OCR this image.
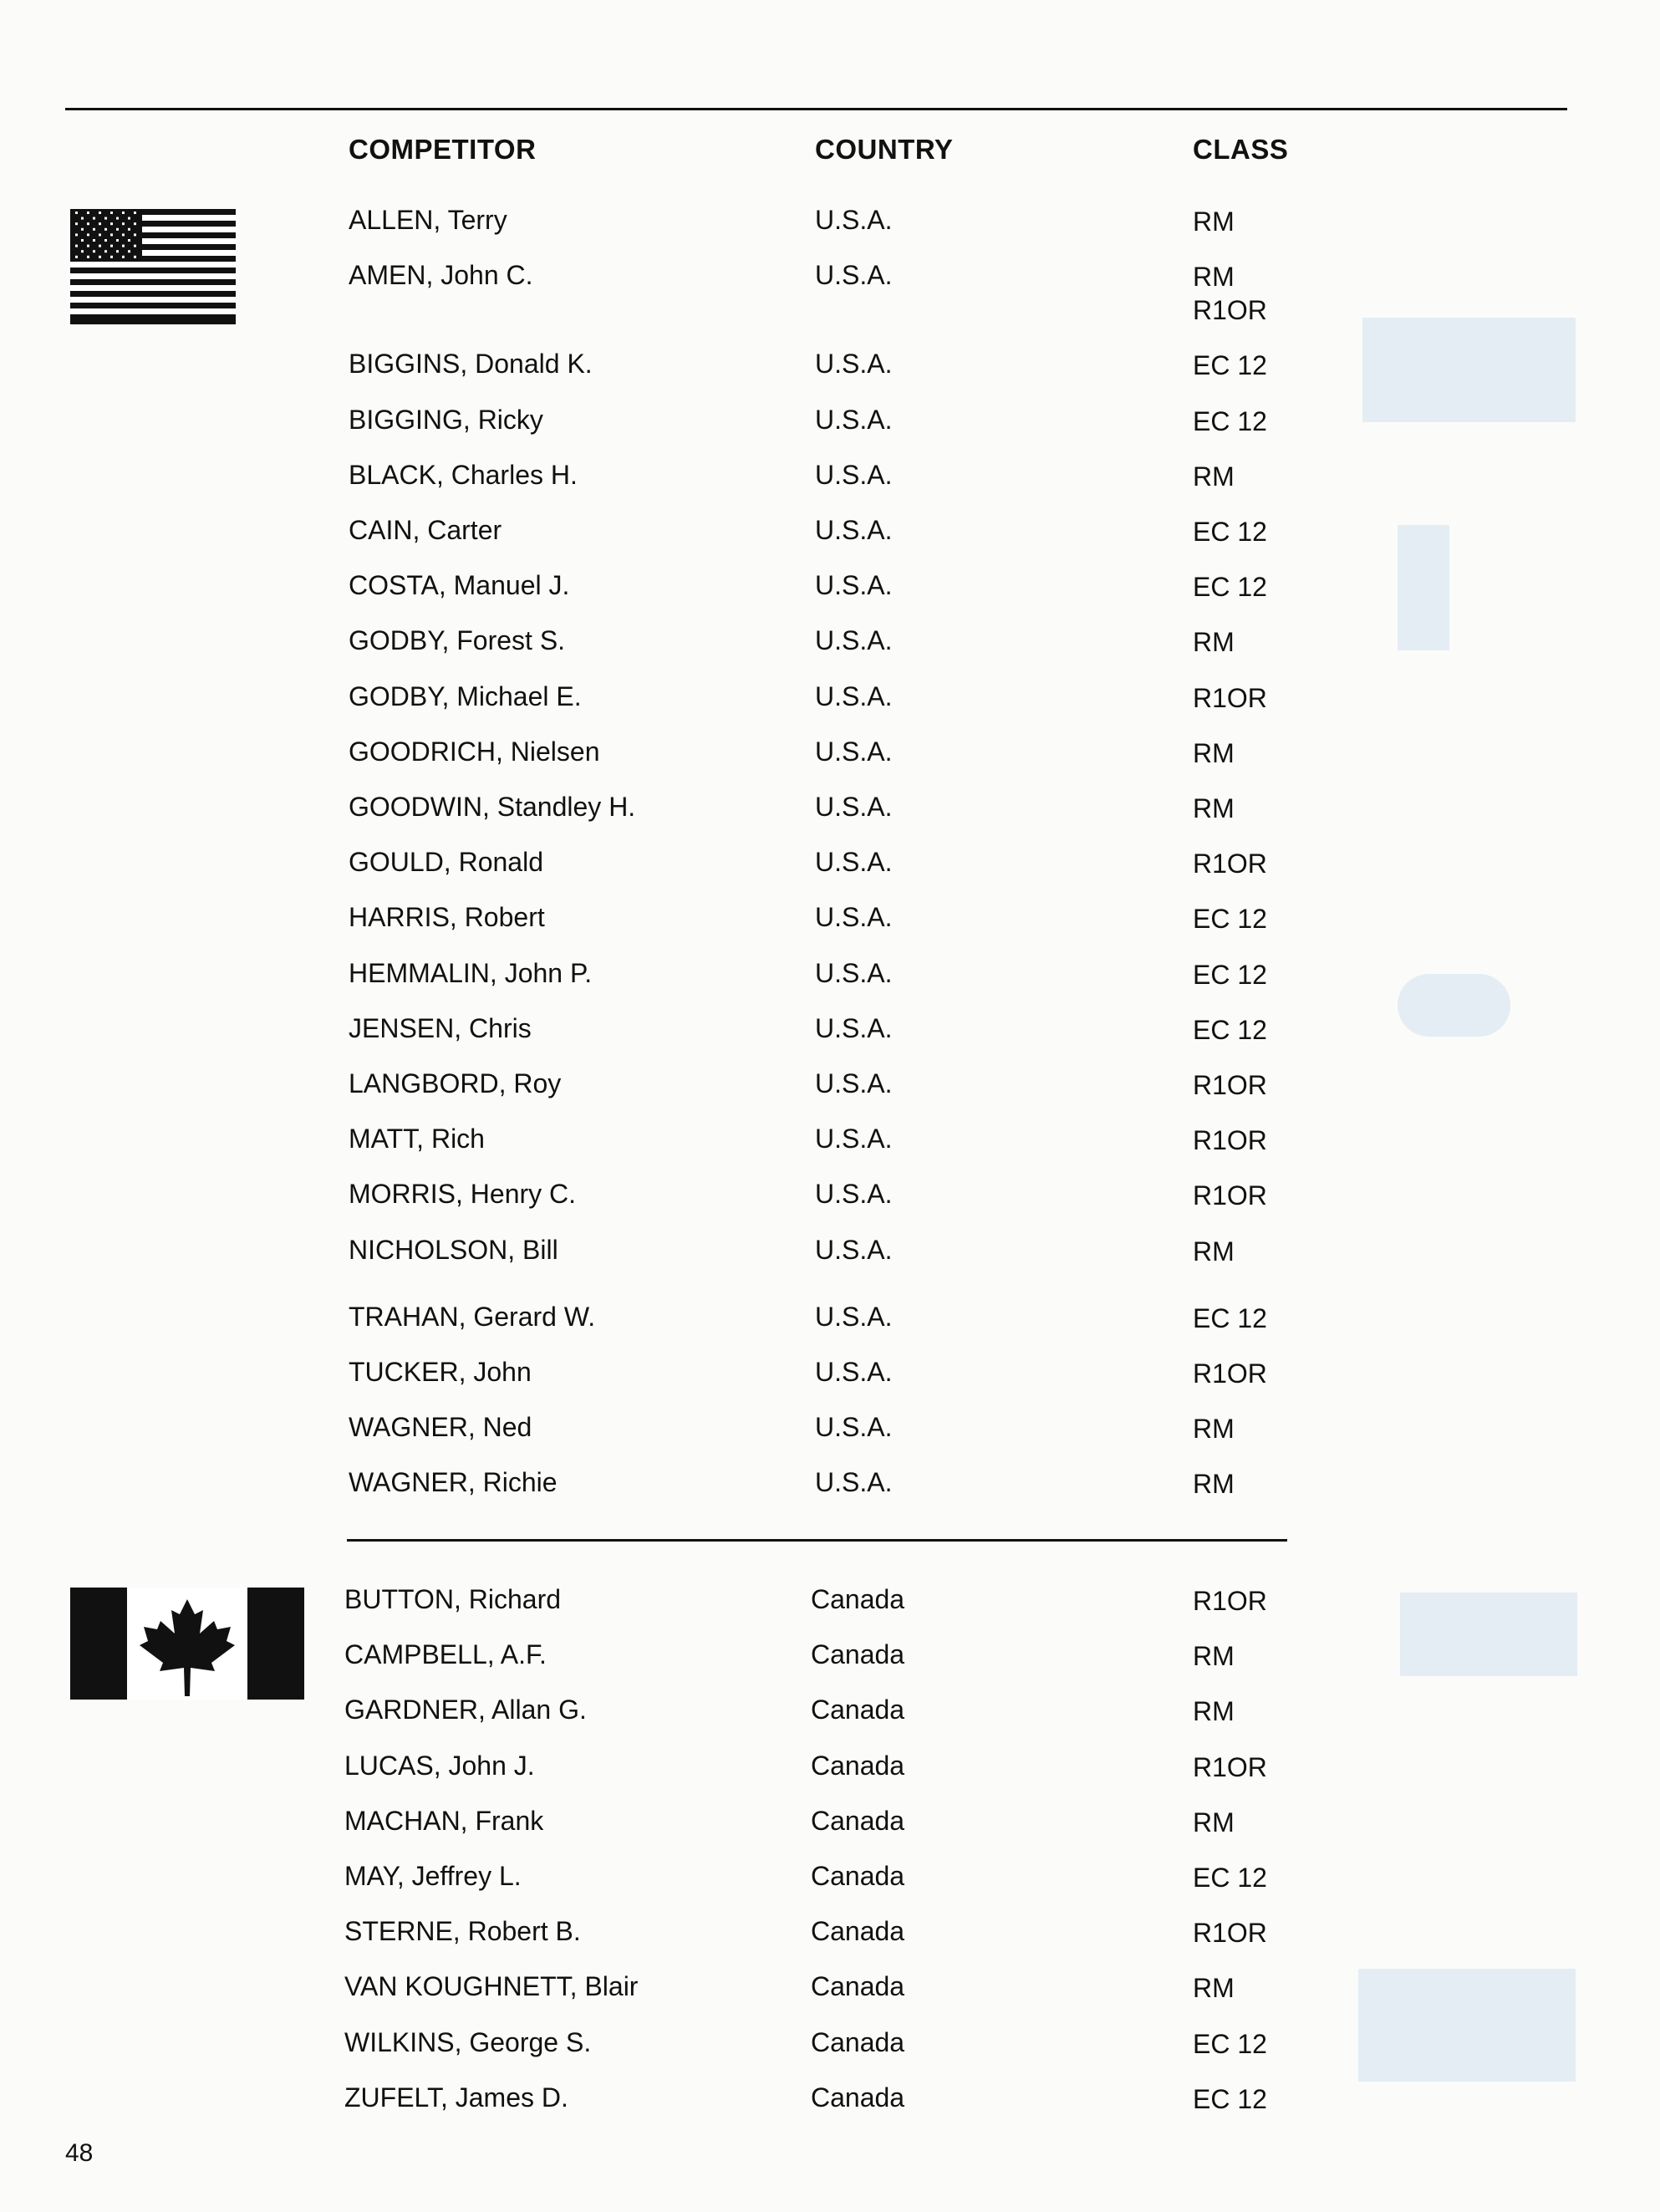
COMPETITOR	COUNTRY	CLASS
ALLEN, Terry	U.S.A.	RM
AMEN, John C.	U.S.A.	RM
R1OR
BIGGINS, Donald K.	U.S.A.	EC 12
BIGGING, Ricky	U.S.A.	EC 12
BLACK, Charles H.	U.S.A.	RM
CAIN, Carter	U.S.A.	EC 12
COSTA, Manuel J.	U.S.A.	EC 12
GODBY, Forest S.	U.S.A.	RM
GODBY, Michael E.	U.S.A.	R1OR
GOODRICH, Nielsen	U.S.A.	RM
GOODWIN, Standley H.	U.S.A.	RM
GOULD, Ronald	U.S.A.	R1OR
HARRIS, Robert	U.S.A.	EC 12
HEMMALIN, John P.	U.S.A.	EC 12
JENSEN, Chris	U.S.A.	EC 12
LANGBORD, Roy	U.S.A.	R1OR
MATT, Rich	U.S.A.	R1OR
MORRIS, Henry C.	U.S.A.	R1OR
NICHOLSON, Bill	U.S.A.	RM
TRAHAN, Gerard W.	U.S.A.	EC 12
TUCKER, John	U.S.A.	R1OR
WAGNER, Ned	U.S.A.	RM
WAGNER, Richie	U.S.A.	RM
BUTTON, Richard	Canada	R1OR
CAMPBELL, A.F.	Canada	RM
GARDNER, Allan G.	Canada	RM
LUCAS, John J.	Canada	R1OR
MACHAN, Frank	Canada	RM
MAY, Jeffrey L.	Canada	EC 12
STERNE, Robert B.	Canada	R1OR
VAN KOUGHNETT, Blair	Canada	RM
WILKINS, George S.	Canada	EC 12
ZUFELT, James D.	Canada	EC 12
48
